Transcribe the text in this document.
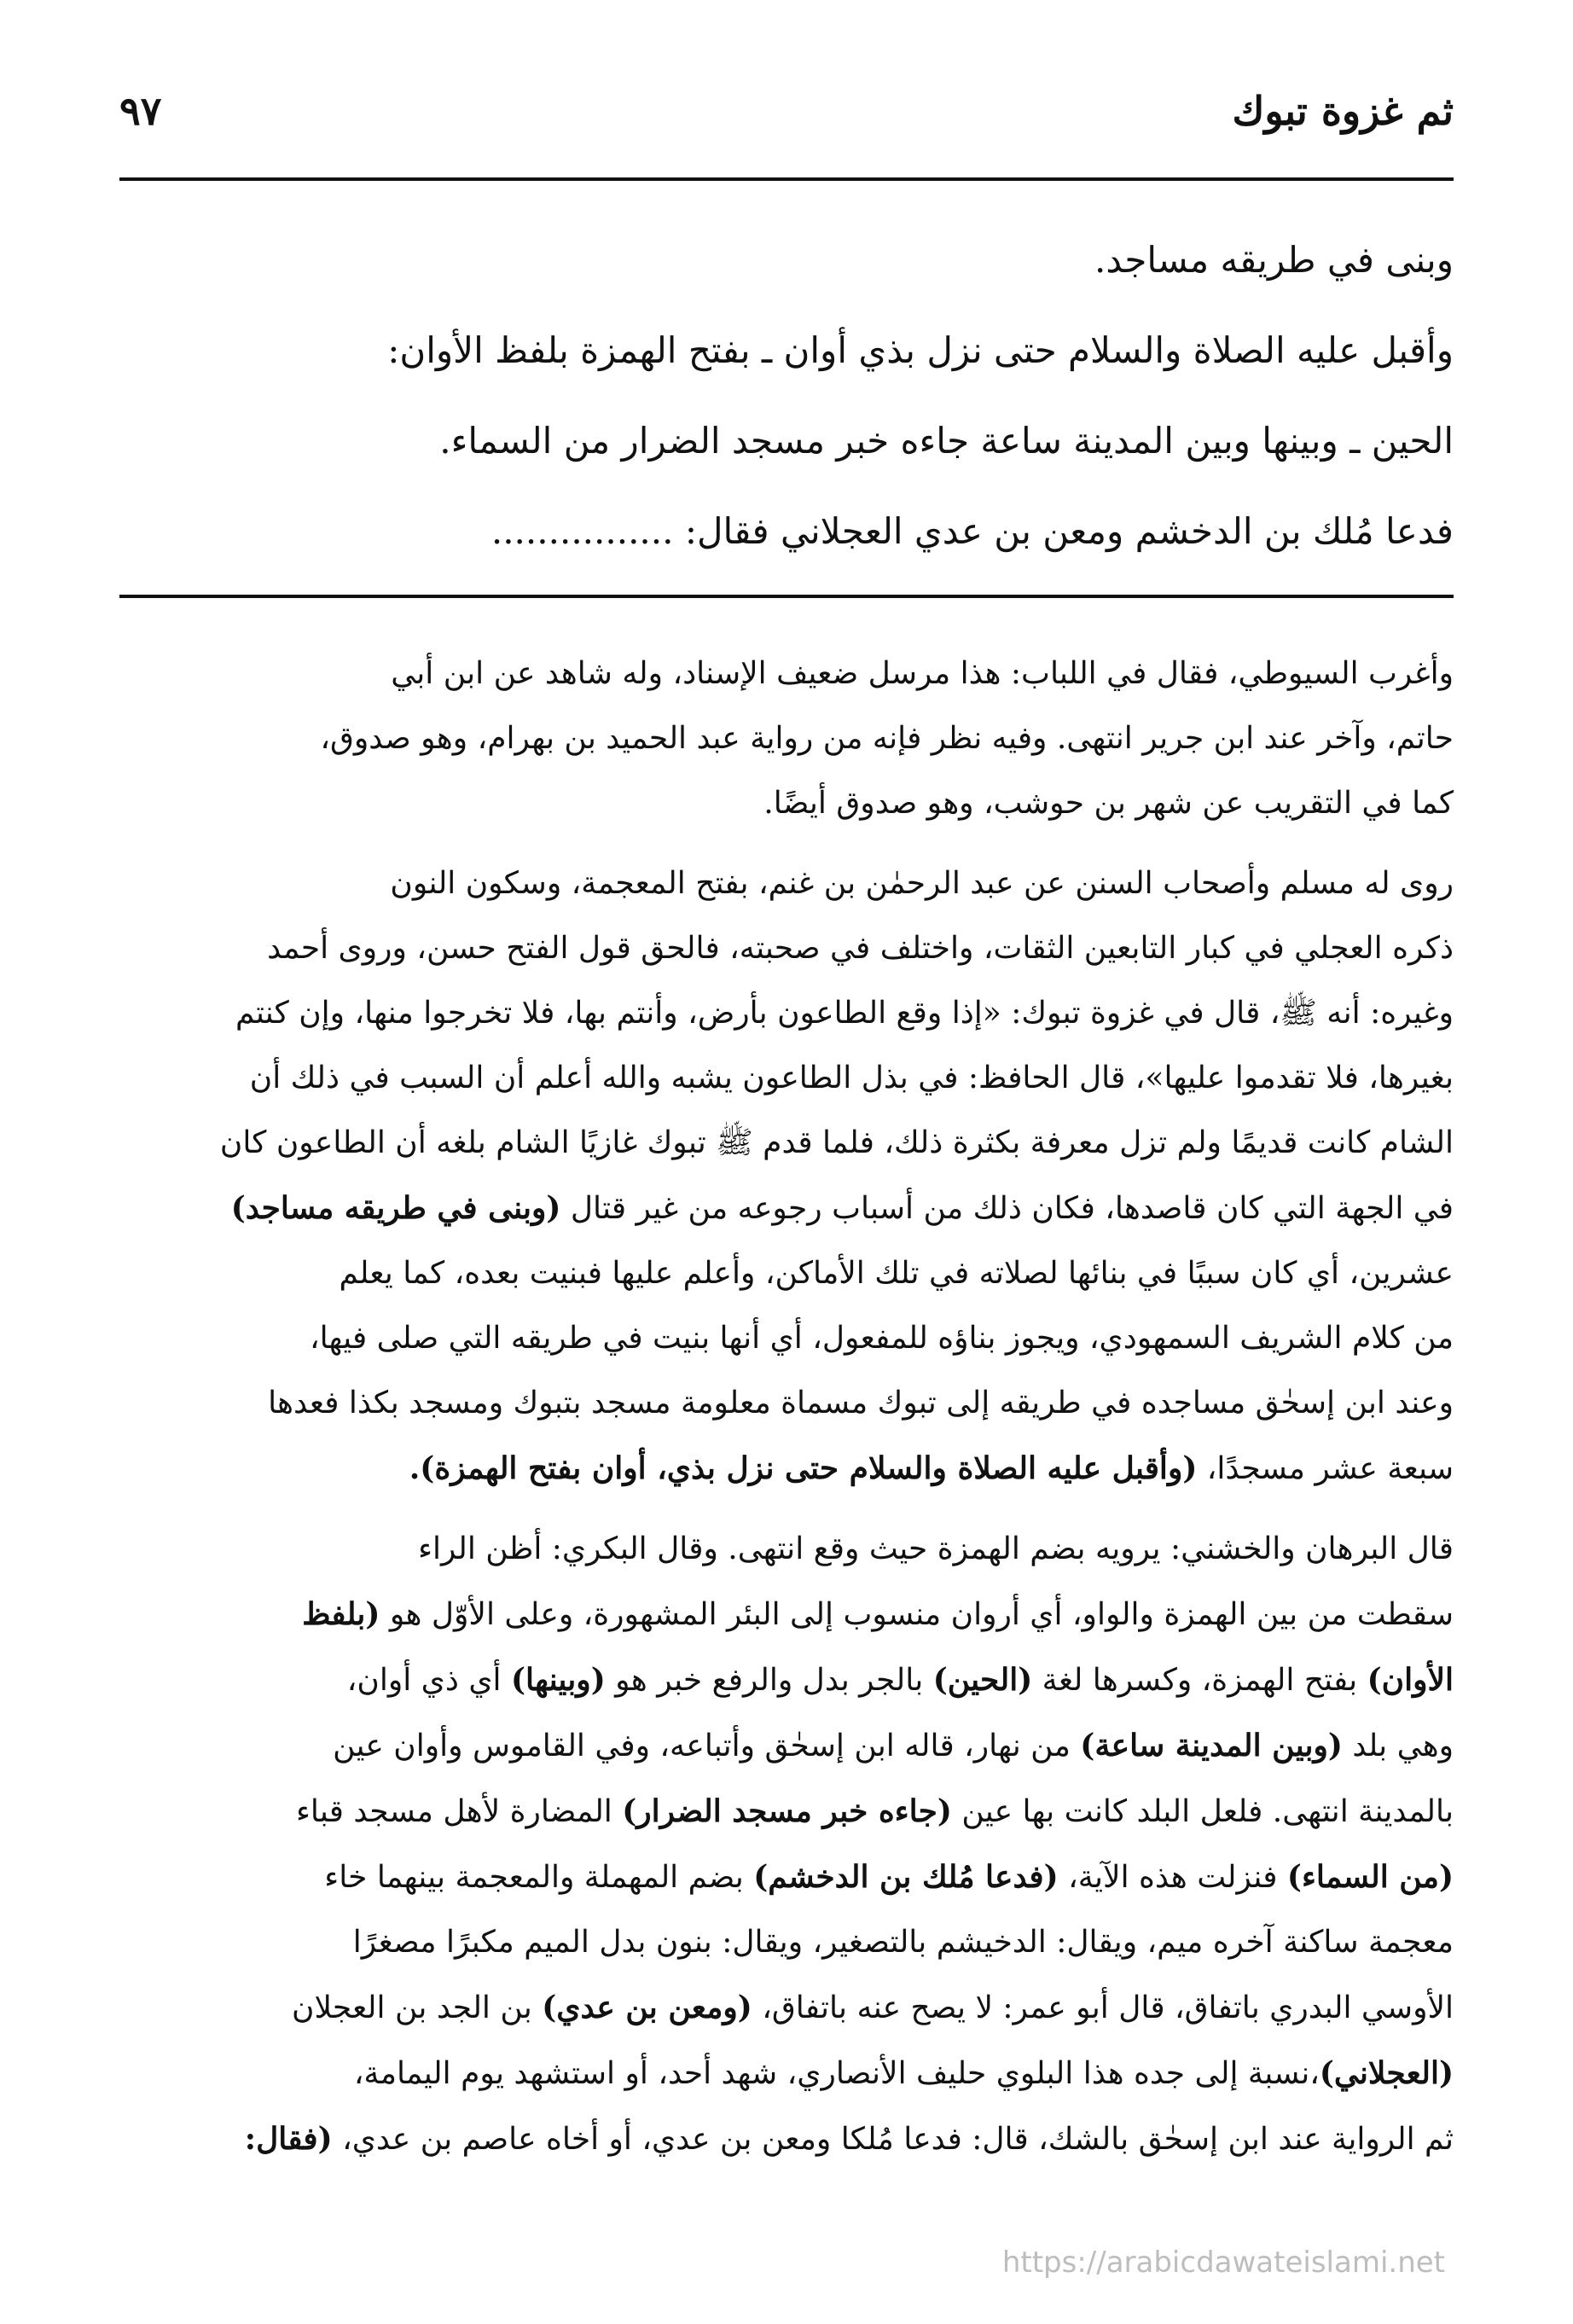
ثم غزوة تبوك
٩٧

وبنى في طريقه مساجد.

وأقبل عليه الصلاة والسلام حتى نزل بذي أوان ـ بفتح الهمزة بلفظ الأوان:

الحين ـ وبينها وبين المدينة ساعة جاءه خبر مسجد الضرار من السماء.

فدعا مُلك بن الدخشم ومعن بن عدي العجلاني فقال: ................

وأغرب السيوطي، فقال في اللباب: هذا مرسل ضعيف الإسناد، وله شاهد عن ابن أبي
حاتم، وآخر عند ابن جرير انتهى. وفيه نظر فإنه من رواية عبد الحميد بن بهرام، وهو صدوق،
كما في التقريب عن شهر بن حوشب، وهو صدوق أيضًا.
روى له مسلم وأصحاب السنن عن عبد الرحمٰن بن غنم، بفتح المعجمة، وسكون النون
ذكره العجلي في كبار التابعين الثقات، واختلف في صحبته، فالحق قول الفتح حسن، وروى أحمد
وغيره: أنه ﷺ، قال في غزوة تبوك: «إذا وقع الطاعون بأرض، وأنتم بها، فلا تخرجوا منها، وإن كنتم
بغيرها، فلا تقدموا عليها»، قال الحافظ: في بذل الطاعون يشبه والله أعلم أن السبب في ذلك أن
الشام كانت قديمًا ولم تزل معرفة بكثرة ذلك، فلما قدم ﷺ تبوك غازيًا الشام بلغه أن الطاعون كان
في الجهة التي كان قاصدها، فكان ذلك من أسباب رجوعه من غير قتال (وبنى في طريقه مساجد)
عشرين، أي كان سببًا في بنائها لصلاته في تلك الأماكن، وأعلم عليها فبنيت بعده، كما يعلم
من كلام الشريف السمهودي، ويجوز بناؤه للمفعول، أي أنها بنيت في طريقه التي صلى فيها،
وعند ابن إسحٰق مساجده في طريقه إلى تبوك مسماة معلومة مسجد بتبوك ومسجد بكذا فعدها
سبعة عشر مسجدًا، (وأقبل عليه الصلاة والسلام حتى نزل بذي، أوان بفتح الهمزة).
قال البرهان والخشني: يرويه بضم الهمزة حيث وقع انتهى. وقال البكري: أظن الراء
سقطت من بين الهمزة والواو، أي أروان منسوب إلى البئر المشهورة، وعلى الأوّل هو (بلفظ
الأوان) بفتح الهمزة، وكسرها لغة (الحين) بالجر بدل والرفع خبر هو (وبينها) أي ذي أوان،
وهي بلد (وبين المدينة ساعة) من نهار، قاله ابن إسحٰق وأتباعه، وفي القاموس وأوان عين
بالمدينة انتهى. فلعل البلد كانت بها عين (جاءه خبر مسجد الضرار) المضارة لأهل مسجد قباء
(من السماء) فنزلت هذه الآية، (فدعا مُلك بن الدخشم) بضم المهملة والمعجمة بينهما خاء
معجمة ساكنة آخره ميم، ويقال: الدخيشم بالتصغير، ويقال: بنون بدل الميم مكبرًا مصغرًا
الأوسي البدري باتفاق، قال أبو عمر: لا يصح عنه باتفاق، (ومعن بن عدي) بن الجد بن العجلان
(العجلاني)،نسبة إلى جده هذا البلوي حليف الأنصاري، شهد أحد، أو استشهد يوم اليمامة،
ثم الرواية عند ابن إسحٰق بالشك، قال: فدعا مُلكا ومعن بن عدي، أو أخاه عاصم بن عدي، (فقال:
https://arabicdawateislami.net
